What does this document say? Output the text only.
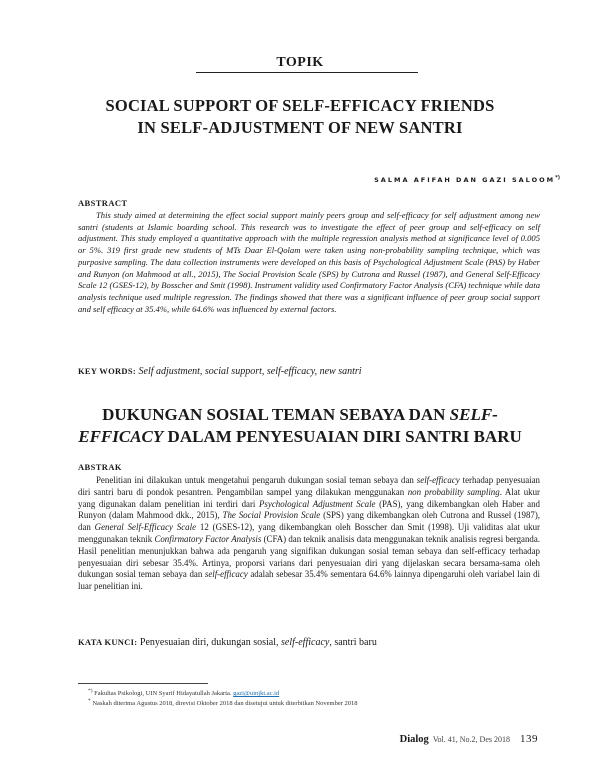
TOPIK
SOCIAL SUPPORT OF SELF-EFFICACY FRIENDS
IN SELF-ADJUSTMENT OF NEW SANTRI
SALMA AFIFAH DAN GAZI SALOOM*)
ABSTRACT
This study aimed at determining the effect social support mainly peers group and self-efficacy for self adjustment among new santri (students at Islamic boarding school. This research was to investigate the effect of peer group and self-efficacy on self adjustment. This study employed a quantitative approach with the multiple regression analysis method at significance level of 0.005 or 5%. 319 first grade new students of MTs Daar El-Qolam were taken using non-probability sampling technique, which was purposive sampling. The data collection instruments were developed on this basis of Psychological Adjustment Scale (PAS) by Haber and Runyon (on Mahmood at all., 2015), The Social Provision Scale (SPS) by Cutrona and Russel (1987), and General Self-Efficacy Scale 12 (GSES-12), by Bosscher and Smit (1998). Instrument validity used Confirmatory Factor Analysis (CFA) technique while data analysis technique used multiple regression. The findings showed that there was a significant influence of peer group social support and self efficacy at 35.4%, while 64.6% was influenced by external factors.
KEY WORDS: Self adjustment, social support, self-efficacy, new santri
DUKUNGAN SOSIAL TEMAN SEBAYA DAN SELF-
EFFICACY DALAM PENYESUAIAN DIRI SANTRI BARU
ABSTRAK
Penelitian ini dilakukan untuk mengetahui pengaruh dukungan sosial teman sebaya dan self-efficacy terhadap penyesuaian diri santri baru di pondok pesantren. Pengambilan sampel yang dilakukan menggunakan non probability sampling. Alat ukur yang digunakan dalam penelitian ini terdiri dari Psychological Adjustment Scale (PAS), yang dikembangkan oleh Haber and Runyon (dalam Mahmood dkk., 2015), The Social Provision Scale (SPS) yang dikembangkan oleh Cutrona and Russel (1987), dan General Self-Efficacy Scale 12 (GSES-12), yang dikembangkan oleh Bosscher dan Smit (1998). Uji validitas alat ukur menggunakan teknik Confirmatory Factor Analysis (CFA) dan teknik analisis data menggunakan teknik analisis regresi berganda. Hasil penelitian menunjukkan bahwa ada pengaruh yang signifikan dukungan sosial teman sebaya dan self-efficacy terhadap penyesuaian diri sebesar 35.4%. Artinya, proporsi varians dari penyesuaian diri yang dijelaskan secara bersama-sama oleh dukungan sosial teman sebaya dan self-efficacy adalah sebesar 35.4% sementara 64.6% lainnya dipengaruhi oleh variabel lain di luar penelitian ini.
KATA KUNCI: Penyesuaian diri, dukungan sosial, self-efficacy, santri baru
*) Fakultas Psikologi, UIN Syarif Hidayatullah Jakarta. gazi@uinjkt.ac.id
* Naskah diterima Agustus 2018, direvisi Oktober 2018 dan disetujui untuk diterbitkan November 2018
Dialog Vol. 41, No.2, Des 2018 139
